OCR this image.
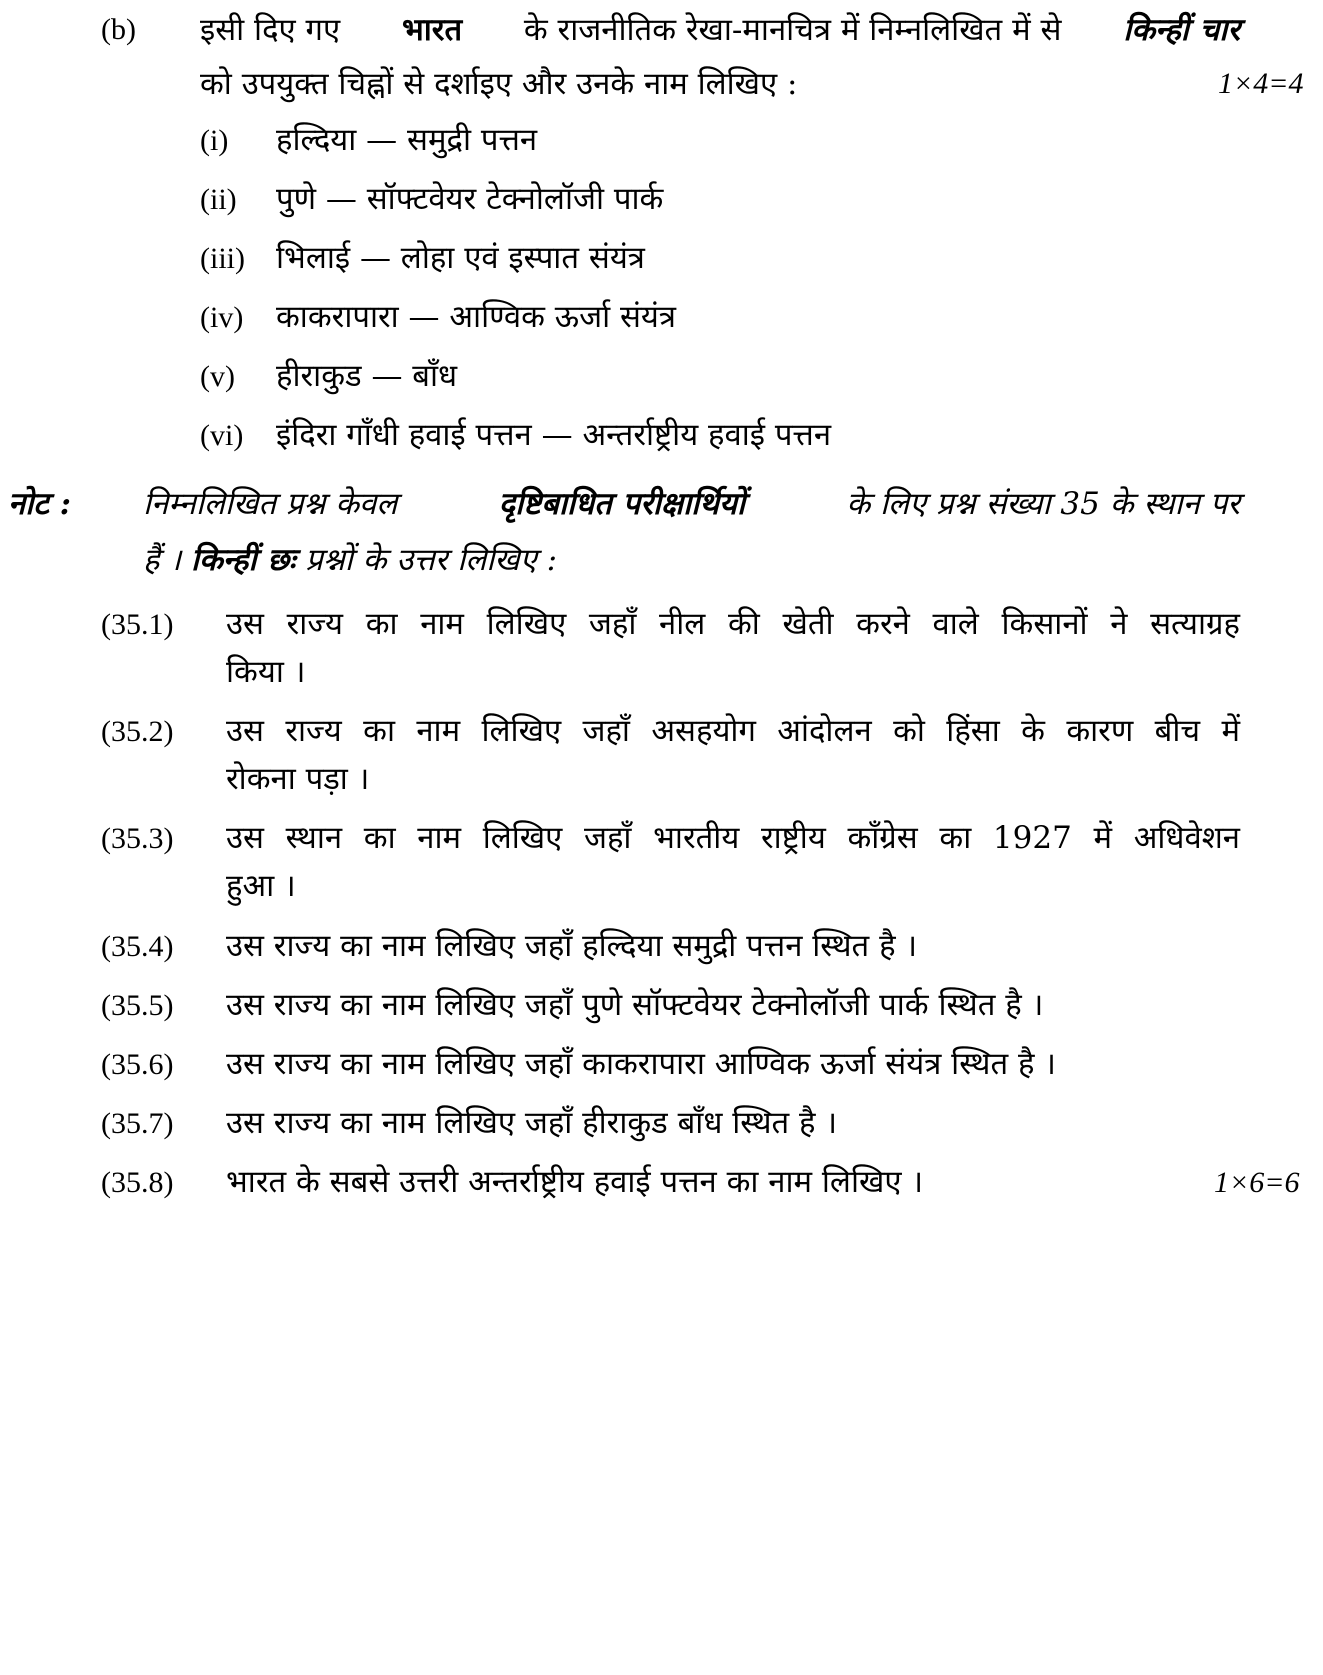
(b) इसी दिए गए भारत के राजनीतिक रेखा-मानचित्र में निम्नलिखित में से किन्हीं चार
को उपयुक्त चिह्नों से दर्शाइए और उनके नाम लिखिए :	1×4=4
(i) हल्दिया — समुद्री पत्तन
(ii) पुणे — सॉफ्टवेयर टेक्नोलॉजी पार्क
(iii) भिलाई — लोहा एवं इस्पात संयंत्र
(iv) काकरापारा — आण्विक ऊर्जा संयंत्र
(v) हीराकुड — बाँध
(vi) इंदिरा गाँधी हवाई पत्तन — अन्तर्राष्ट्रीय हवाई पत्तन
नोट : निम्नलिखित प्रश्न केवल	दृष्टिबाधित परीक्षार्थियों	के लिए प्रश्न संख्या 35 के स्थान पर
हैं । किन्हीं छः प्रश्नों के उत्तर लिखिए :
(35.1) उस राज्य का नाम लिखिए जहाँ नील की खेती करने वाले किसानों ने सत्याग्रह
किया ।
(35.2) उस राज्य का नाम लिखिए जहाँ असहयोग आंदोलन को हिंसा के कारण बीच में
रोकना पड़ा ।
(35.3) उस स्थान का नाम लिखिए जहाँ भारतीय राष्ट्रीय काँग्रेस का 1927 में अधिवेशन
हुआ ।
(35.4) उस राज्य का नाम लिखिए जहाँ हल्दिया समुद्री पत्तन स्थित है ।
(35.5) उस राज्य का नाम लिखिए जहाँ पुणे सॉफ्टवेयर टेक्नोलॉजी पार्क स्थित है ।
(35.6) उस राज्य का नाम लिखिए जहाँ काकरापारा आण्विक ऊर्जा संयंत्र स्थित है ।
(35.7) उस राज्य का नाम लिखिए जहाँ हीराकुड बाँध स्थित है ।
(35.8) भारत के सबसे उत्तरी अन्तर्राष्ट्रीय हवाई पत्तन का नाम लिखिए ।	1×6=6
